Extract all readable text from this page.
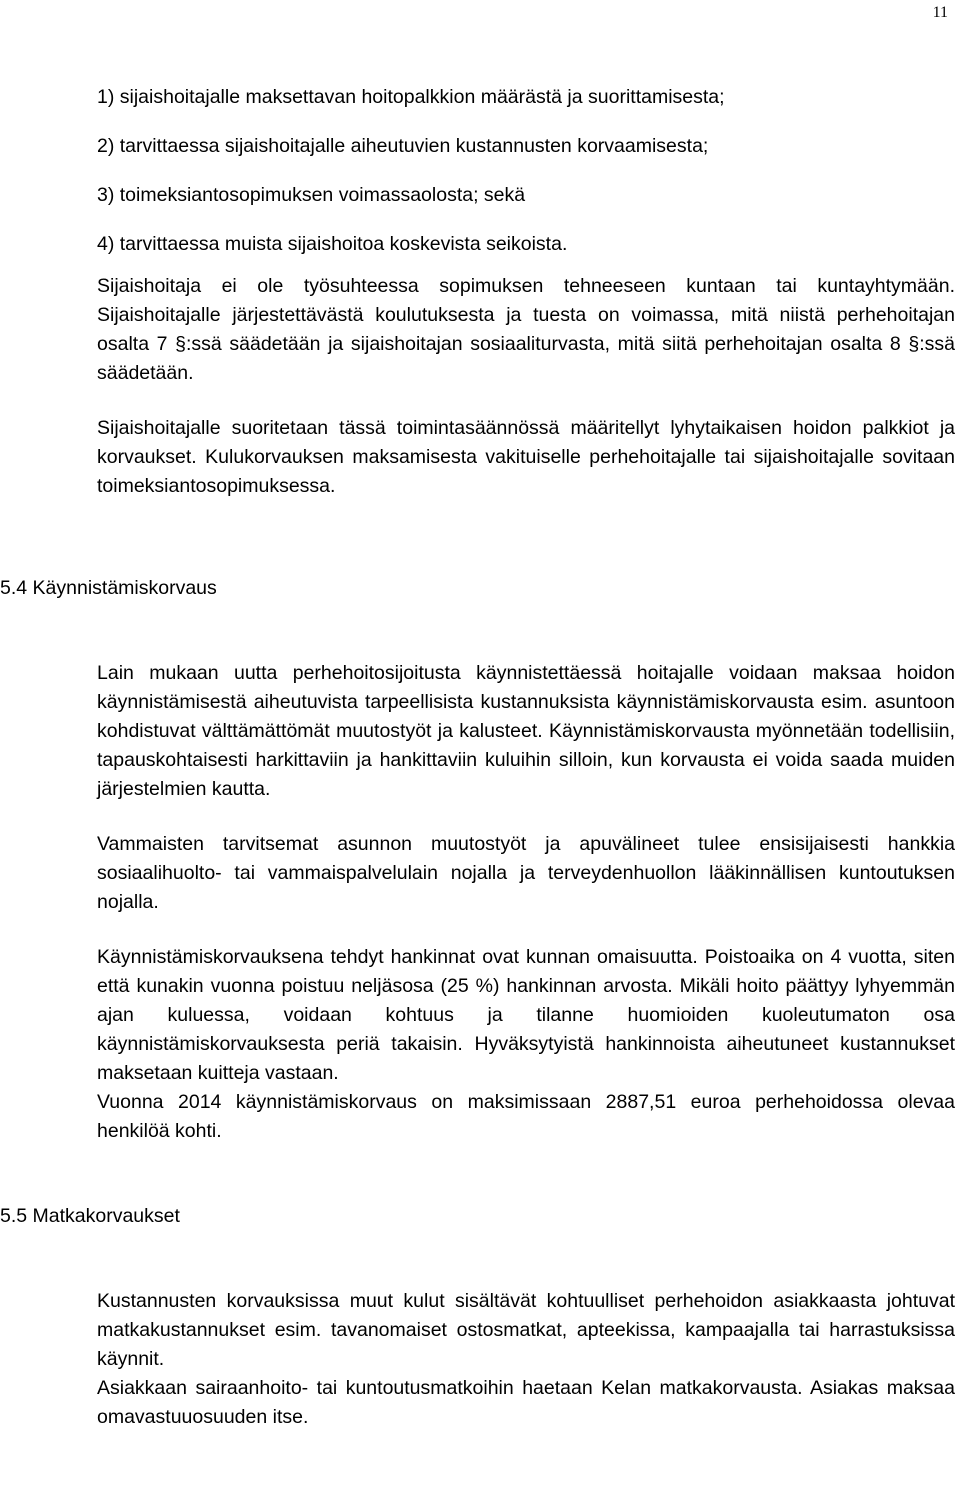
11

1) sijaishoitajalle maksettavan hoitopalkkion määrästä ja suorittamisesta;

2) tarvittaessa sijaishoitajalle aiheutuvien kustannusten korvaamisesta;

3) toimeksiantosopimuksen voimassaolosta; sekä

4) tarvittaessa muista sijaishoitoa koskevista seikoista.

Sijaishoitaja ei ole työsuhteessa sopimuksen tehneeseen kuntaan tai kuntayhtymään. Sijaishoitajalle järjestettävästä koulutuksesta ja tuesta on voimassa, mitä niistä perhehoitajan osalta 7 §:ssä säädetään ja sijaishoitajan sosiaaliturvasta, mitä siitä perhehoitajan osalta 8 §:ssä säädetään.

Sijaishoitajalle suoritetaan tässä toimintasäännössä määritellyt lyhytaikaisen hoidon palkkiot ja korvaukset. Kulukorvauksen maksamisesta vakituiselle perhehoitajalle tai sijaishoitajalle sovitaan toimeksiantosopimuksessa.

5.4 Käynnistämiskorvaus

Lain mukaan uutta perhehoitosijoitusta käynnistettäessä hoitajalle voidaan maksaa hoidon käynnistämisestä aiheutuvista tarpeellisista kustannuksista käynnistämiskorvausta esim. asuntoon kohdistuvat välttämättömät muutostyöt ja kalusteet. Käynnistämiskorvausta myönnetään todellisiin, tapauskohtaisesti harkittaviin ja hankittaviin kuluihin silloin, kun korvausta ei voida saada muiden järjestelmien kautta.

Vammaisten tarvitsemat asunnon muutostyöt ja apuvälineet tulee ensisijaisesti hankkia sosiaalihuolto- tai vammaispalvelulain nojalla ja terveydenhuollon lääkinnällisen kuntoutuksen nojalla.

Käynnistämiskorvauksena tehdyt hankinnat ovat kunnan omaisuutta. Poistoaika on 4 vuotta, siten että kunakin vuonna poistuu neljäsosa (25 %) hankinnan arvosta. Mikäli hoito päättyy lyhyemmän ajan kuluessa, voidaan kohtuus ja tilanne huomioiden kuoleutumaton osa käynnistämiskorvauksesta periä takaisin. Hyväksytyistä hankinnoista aiheutuneet kustannukset maksetaan kuitteja vastaan.

Vuonna 2014 käynnistämiskorvaus on maksimissaan 2887,51 euroa perhehoidossa olevaa henkilöä kohti.

5.5 Matkakorvaukset

Kustannusten korvauksissa muut kulut sisältävät kohtuulliset perhehoidon asiakkaasta johtuvat matkakustannukset esim. tavanomaiset ostosmatkat, apteekissa, kampaajalla tai harrastuksissa käynnit.

Asiakkaan sairaanhoito- tai kuntoutusmatkoihin haetaan Kelan matkakorvausta. Asiakas maksaa omavastuuosuuden itse.
